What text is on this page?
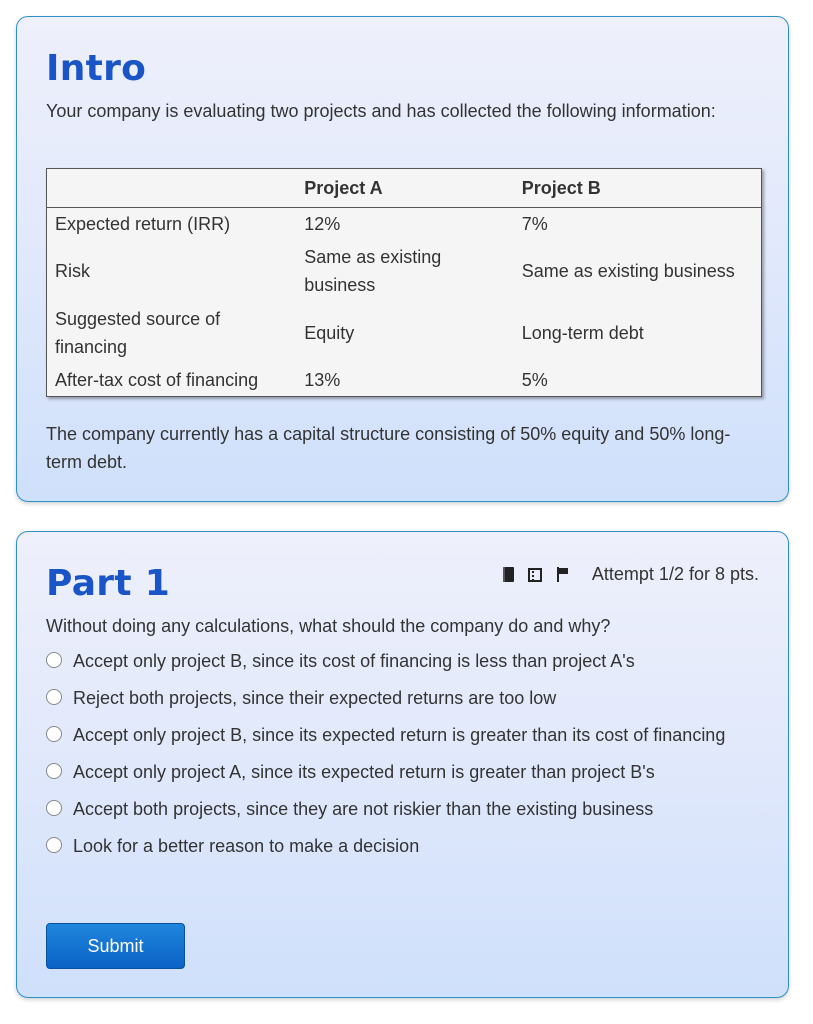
Intro

Your company is evaluating two projects and has collected the following information:

	Project A	Project B
Expected return (IRR)	12%	7%
Risk	Same as existing business	Same as existing business
Suggested source of financing	Equity	Long-term debt
After-tax cost of financing	13%	5%

The company currently has a capital structure consisting of 50% equity and 50% long-term debt.

Part 1	Attempt 1/2 for 8 pts.

Without doing any calculations, what should the company do and why?

Accept only project B, since its cost of financing is less than project A's
Reject both projects, since their expected returns are too low
Accept only project B, since its expected return is greater than its cost of financing
Accept only project A, since its expected return is greater than project B's
Accept both projects, since they are not riskier than the existing business
Look for a better reason to make a decision
Submit
